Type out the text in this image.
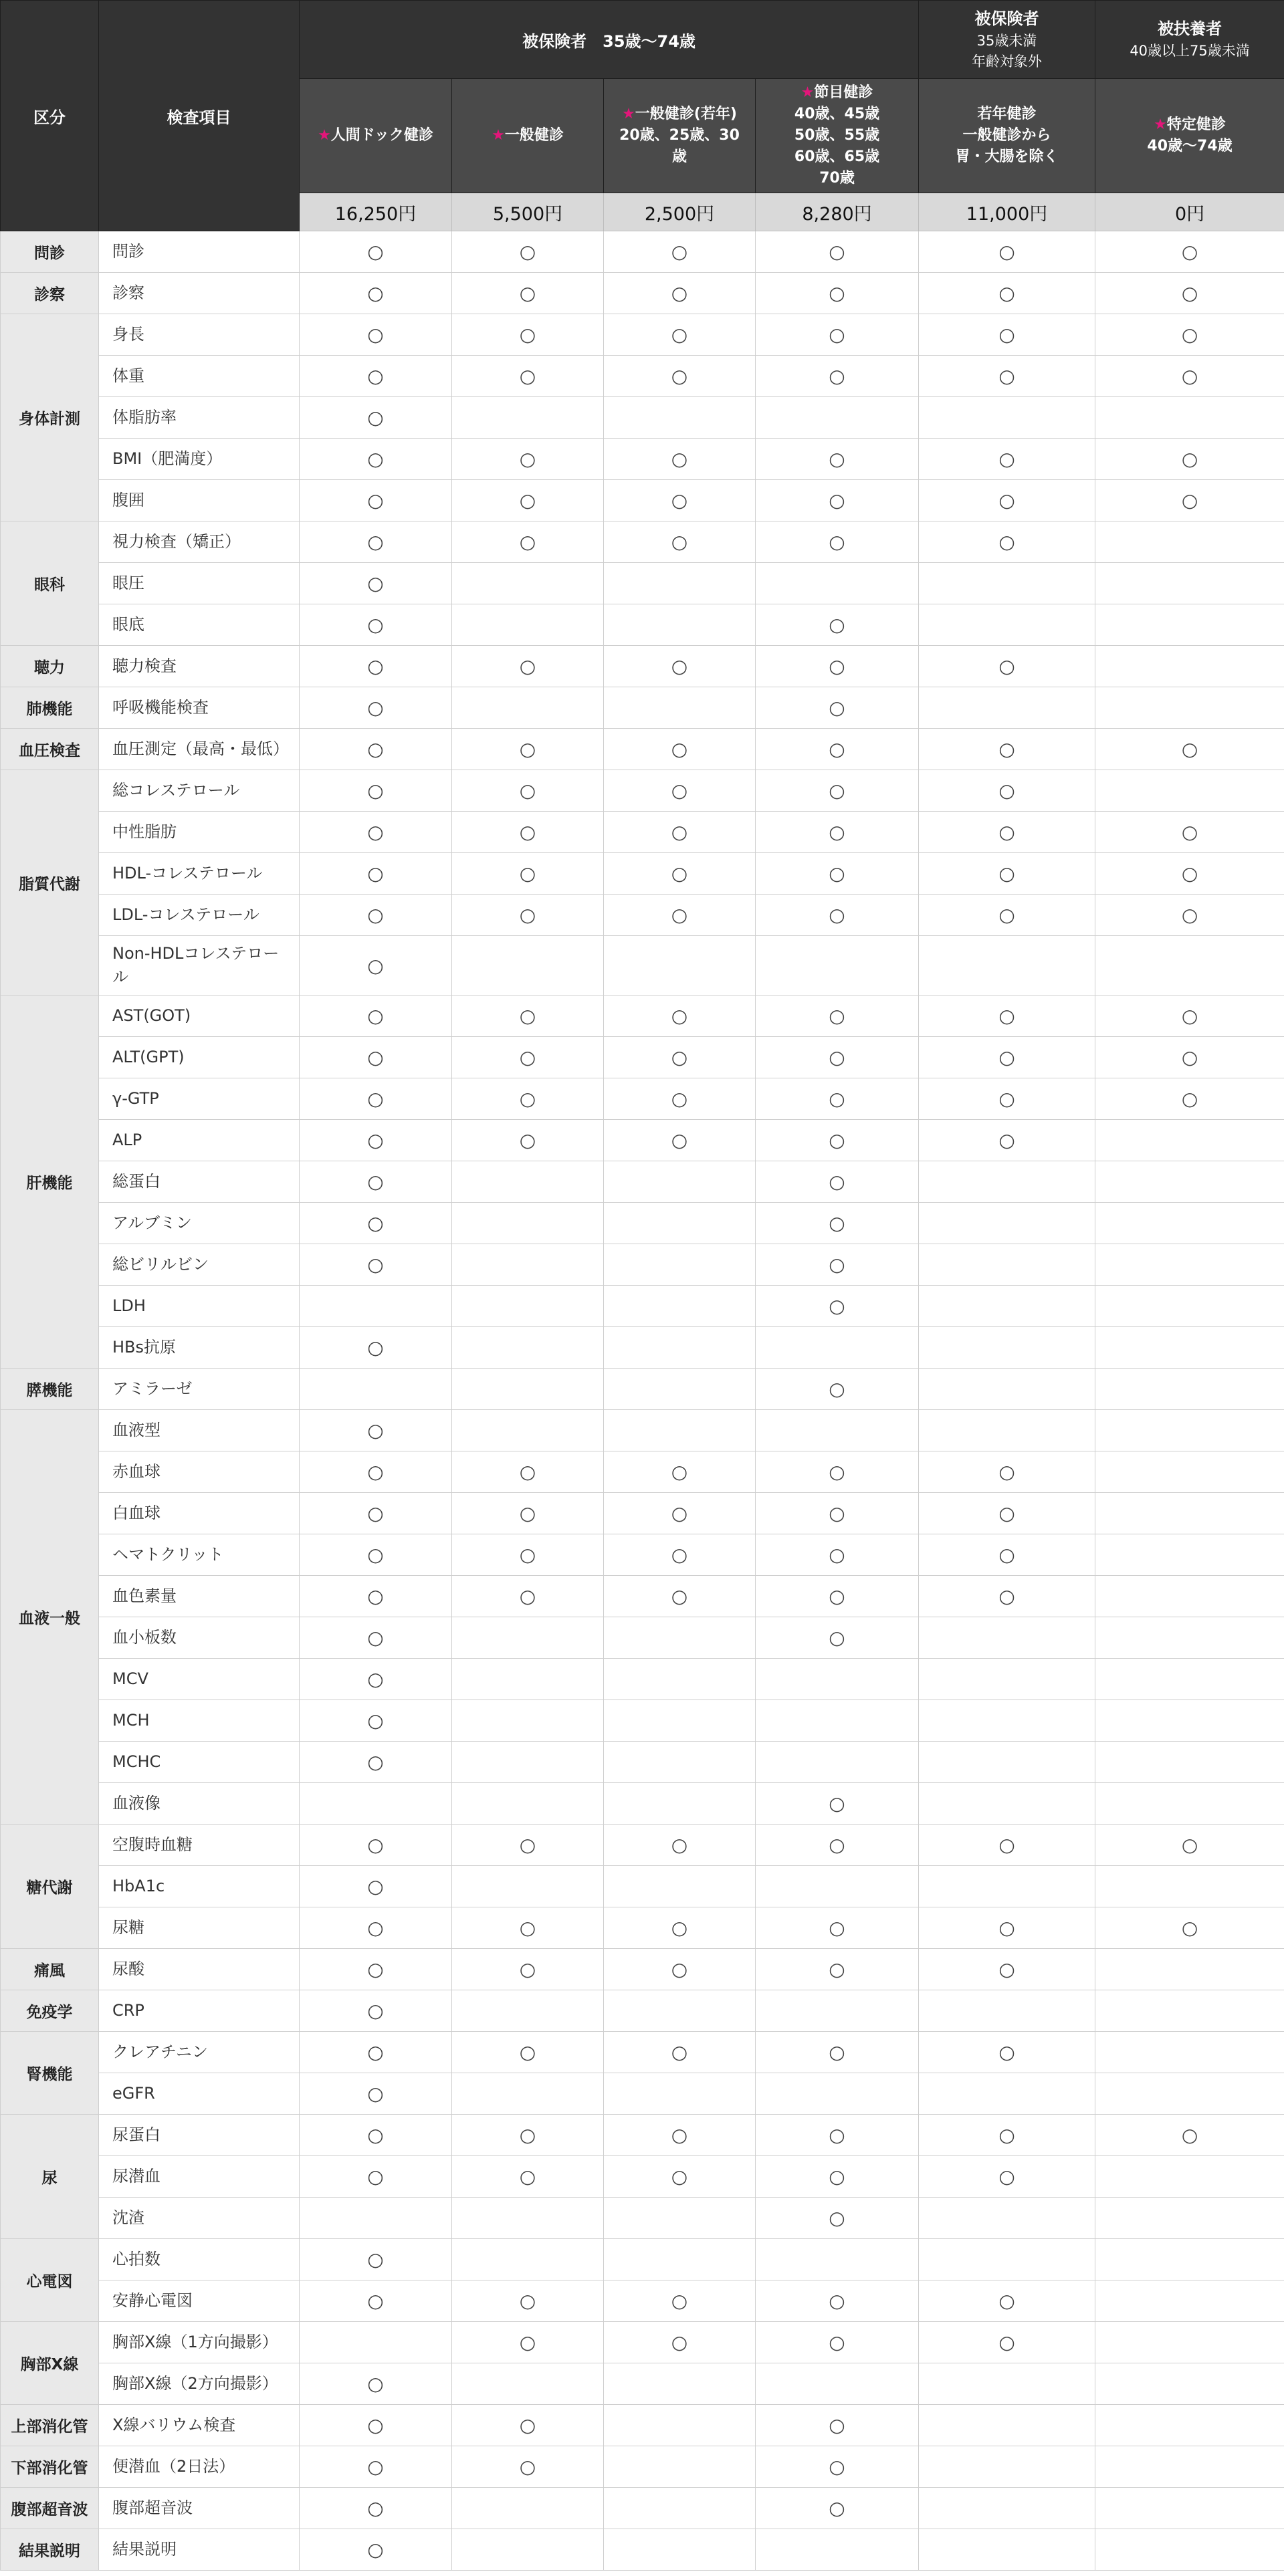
区分	検査項目	被保険者　35歳〜74歳				被保険者
35歳未満
年齢対象外	被扶養者
40歳以上75歳未満

		★人間ドック健診	★一般健診	★一般健診(若年)
20歳、25歳、30
歳	★節目健診
40歳、45歳
50歳、55歳
60歳、65歳
70歳	若年健診
一般健診から
胃・大腸を除く	★特定健診
40歳〜74歳

		16,250円	5,500円	2,500円	8,280円	11,000円	0円
問診	問診	○	○	○	○	○	○
診察	診察	○	○	○	○	○	○
身体計測	身長	○	○	○	○	○	○
	体重	○	○	○	○	○	○
	体脂肪率	○					
	BMI（肥満度）	○	○	○	○	○	○
	腹囲	○	○	○	○	○	○
眼科	視力検査（矯正）	○	○	○	○	○	
	眼圧	○					
	眼底	○			○		
聴力	聴力検査	○	○	○	○	○	
肺機能	呼吸機能検査	○			○		
血圧検査	血圧測定（最高・最低）	○	○	○	○	○	○
脂質代謝	総コレステロール	○	○	○	○	○	
	中性脂肪	○	○	○	○	○	○
	HDL-コレステロール	○	○	○	○	○	○
	LDL-コレステロール	○	○	○	○	○	○
	Non-HDLコレステロール	○					
肝機能	AST(GOT)	○	○	○	○	○	○
	ALT(GPT)	○	○	○	○	○	○
	γ-GTP	○	○	○	○	○	○
	ALP	○	○	○	○	○	
	総蛋白	○			○		
	アルブミン	○			○		
	総ビリルビン	○			○		
	LDH				○		
	HBs抗原	○					
膵機能	アミラーゼ				○		
血液一般	血液型	○					
	赤血球	○	○	○	○	○	
	白血球	○	○	○	○	○	
	ヘマトクリット	○	○	○	○	○	
	血色素量	○	○	○	○	○	
	血小板数	○			○		
	MCV	○					
	MCH	○					
	MCHC	○					
	血液像				○		
糖代謝	空腹時血糖	○	○	○	○	○	○
	HbA1c	○					
	尿糖	○	○	○	○	○	○
痛風	尿酸	○	○	○	○	○	
免疫学	CRP	○					
腎機能	クレアチニン	○	○	○	○	○	
	eGFR	○					
尿	尿蛋白	○	○	○	○	○	○
	尿潜血	○	○	○	○	○	
	沈渣				○		
心電図	心拍数	○					
	安静心電図	○	○	○	○	○	
胸部X線	胸部X線（1方向撮影）		○	○	○	○	
	胸部X線（2方向撮影）	○					
上部消化管	X線バリウム検査	○	○		○		
下部消化管	便潜血（2日法）	○	○		○		
腹部超音波	腹部超音波	○			○		
結果説明	結果説明	○					
